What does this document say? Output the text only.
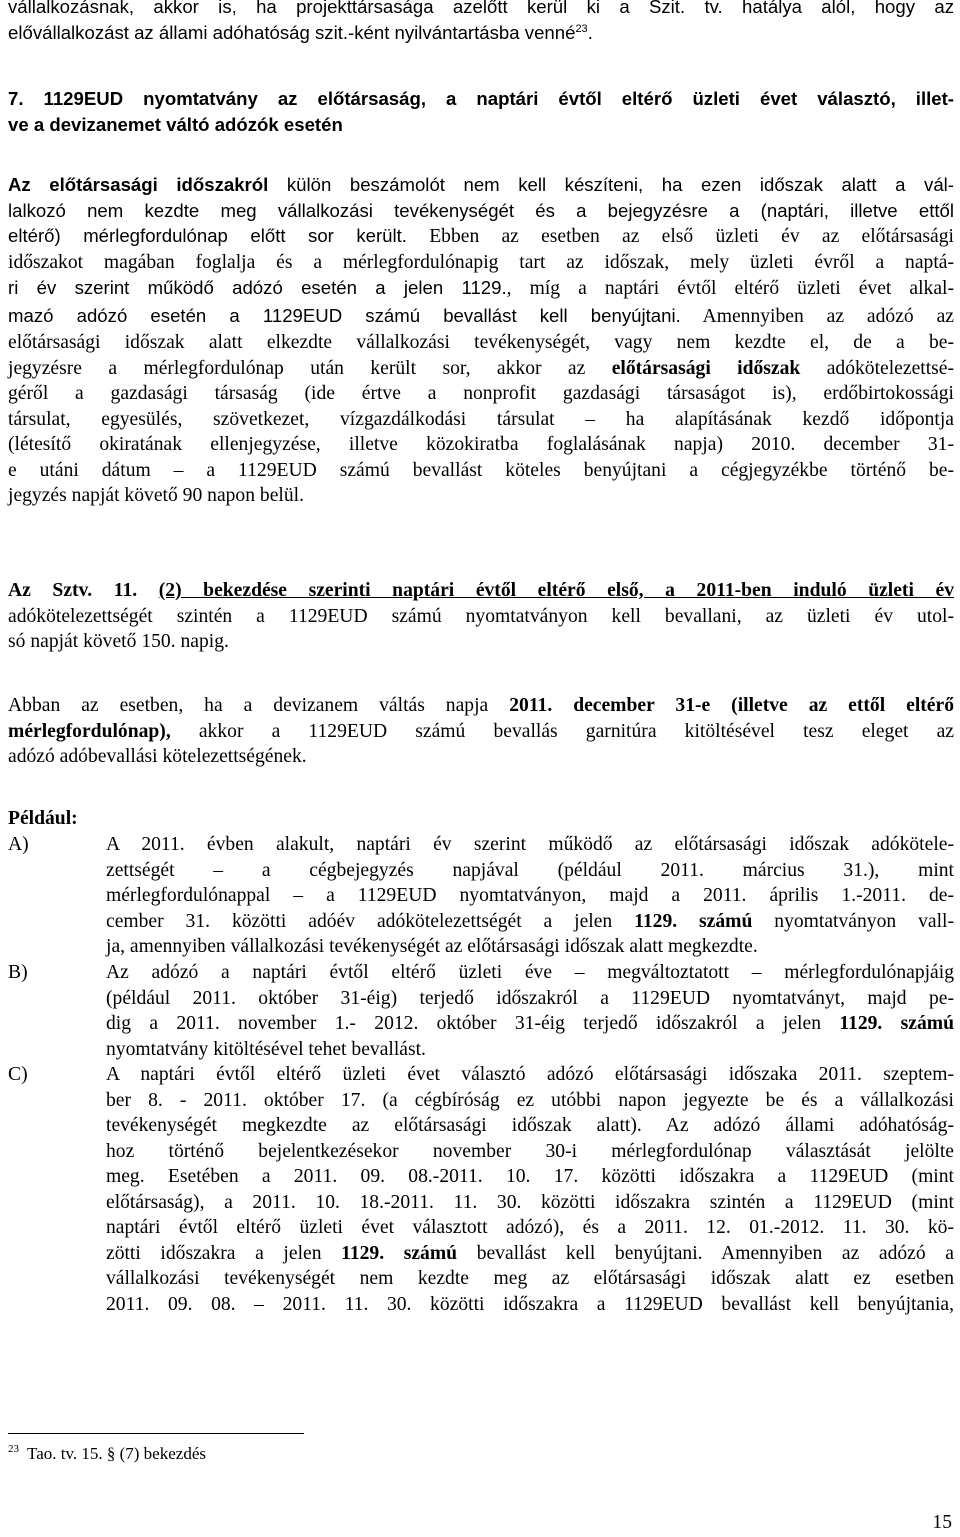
vállalkozásnak, akkor is, ha projekttársasága azelőtt kerül ki a Szit. tv. hatálya alól, hogy az
elővállalkozást az állami adóhatóság szit.-ként nyilvántartásba venné$^{23}$.
7. 1129EUD nyomtatvány az előtársaság, a naptári évtől eltérő üzleti évet választó, illet-
ve a devizanemet váltó adózók esetén
Az előtársasági időszakról külön beszámolót nem kell készíteni, ha ezen időszak alatt a vál-
lalkozó nem kezdte meg vállalkozási tevékenységét és a bejegyzésre a (naptári, illetve ettől
eltérő) mérlegfordulónap előtt sor került. Ebben az esetben az első üzleti év az előtársasági
időszakot magában foglalja és a mérlegfordulónapig tart az időszak, mely üzleti évről a naptá-
ri év szerint működő adózó esetén a jelen 1129., míg a naptári évtől eltérő üzleti évet alkal-
mazó adózó esetén a 1129EUD számú bevallást kell benyújtani. Amennyiben az adózó az
előtársasági időszak alatt elkezdte vállalkozási tevékenységét, vagy nem kezdte el, de a be-
jegyzésre a mérlegfordulónap után került sor, akkor az előtársasági időszak adókötelezettsé-
géről a gazdasági társaság (ide értve a nonprofit gazdasági társaságot is), erdőbirtokossági
társulat, egyesülés, szövetkezet, vízgazdálkodási társulat – ha alapításának kezdő időpontja
(létesítő okiratának ellenjegyzése, illetve közokiratba foglalásának napja) 2010. december 31-
e utáni dátum – a 1129EUD számú bevallást köteles benyújtani a cégjegyzékbe történő be-
jegyzés napját követő 90 napon belül.
Az Sztv. 11. (2) bekezdése szerinti naptári évtől eltérő első, a 2011-ben induló üzleti év
adókötelezettségét szintén a 1129EUD számú nyomtatványon kell bevallani, az üzleti év utol-
só napját követő 150. napig.
Abban az esetben, ha a devizanem váltás napja 2011. december 31-e (illetve az ettől eltérő
mérlegfordulónap), akkor a 1129EUD számú bevallás garnitúra kitöltésével tesz eleget az
adózó adóbevallási kötelezettségének.
Például:
A)	A 2011. évben alakult, naptári év szerint működő az előtársasági időszak adókötele-
zettségét – a cégbejegyzés napjával (például 2011. március 31.), mint
mérlegfordulónappal – a 1129EUD nyomtatványon, majd a 2011. április 1.-2011. de-
cember 31. közötti adóév adókötelezettségét a jelen 1129. számú nyomtatványon vall-
ja, amennyiben vállalkozási tevékenységét az előtársasági időszak alatt megkezdte.
B)	Az adózó a naptári évtől eltérő üzleti éve – megváltoztatott – mérlegfordulónapjáig
(például 2011. október 31-éig) terjedő időszakról a 1129EUD nyomtatványt, majd pe-
dig a 2011. november 1.- 2012. október 31-éig terjedő időszakról a jelen 1129. számú
nyomtatvány kitöltésével tehet bevallást.
C)	A naptári évtől eltérő üzleti évet választó adózó előtársasági időszaka 2011. szeptem-
ber 8. - 2011. október 17. (a cégbíróság ez utóbbi napon jegyezte be és a vállalkozási
tevékenységét megkezdte az előtársasági időszak alatt). Az adózó állami adóhatóság-
hoz történő bejelentkezésekor november 30-i mérlegfordulónap választását jelölte
meg. Esetében a 2011. 09. 08.-2011. 10. 17. közötti időszakra a 1129EUD (mint
előtársaság), a 2011. 10. 18.-2011. 11. 30. közötti időszakra szintén a 1129EUD (mint
naptári évtől eltérő üzleti évet választott adózó), és a 2011. 12. 01.-2012. 11. 30. kö-
zötti időszakra a jelen 1129. számú bevallást kell benyújtani. Amennyiben az adózó a
vállalkozási tevékenységét nem kezdte meg az előtársasági időszak alatt ez esetben
2011. 09. 08. – 2011. 11. 30. közötti időszakra a 1129EUD bevallást kell benyújtania,
$^{23}$ Tao. tv. 15. § (7) bekezdés
15
